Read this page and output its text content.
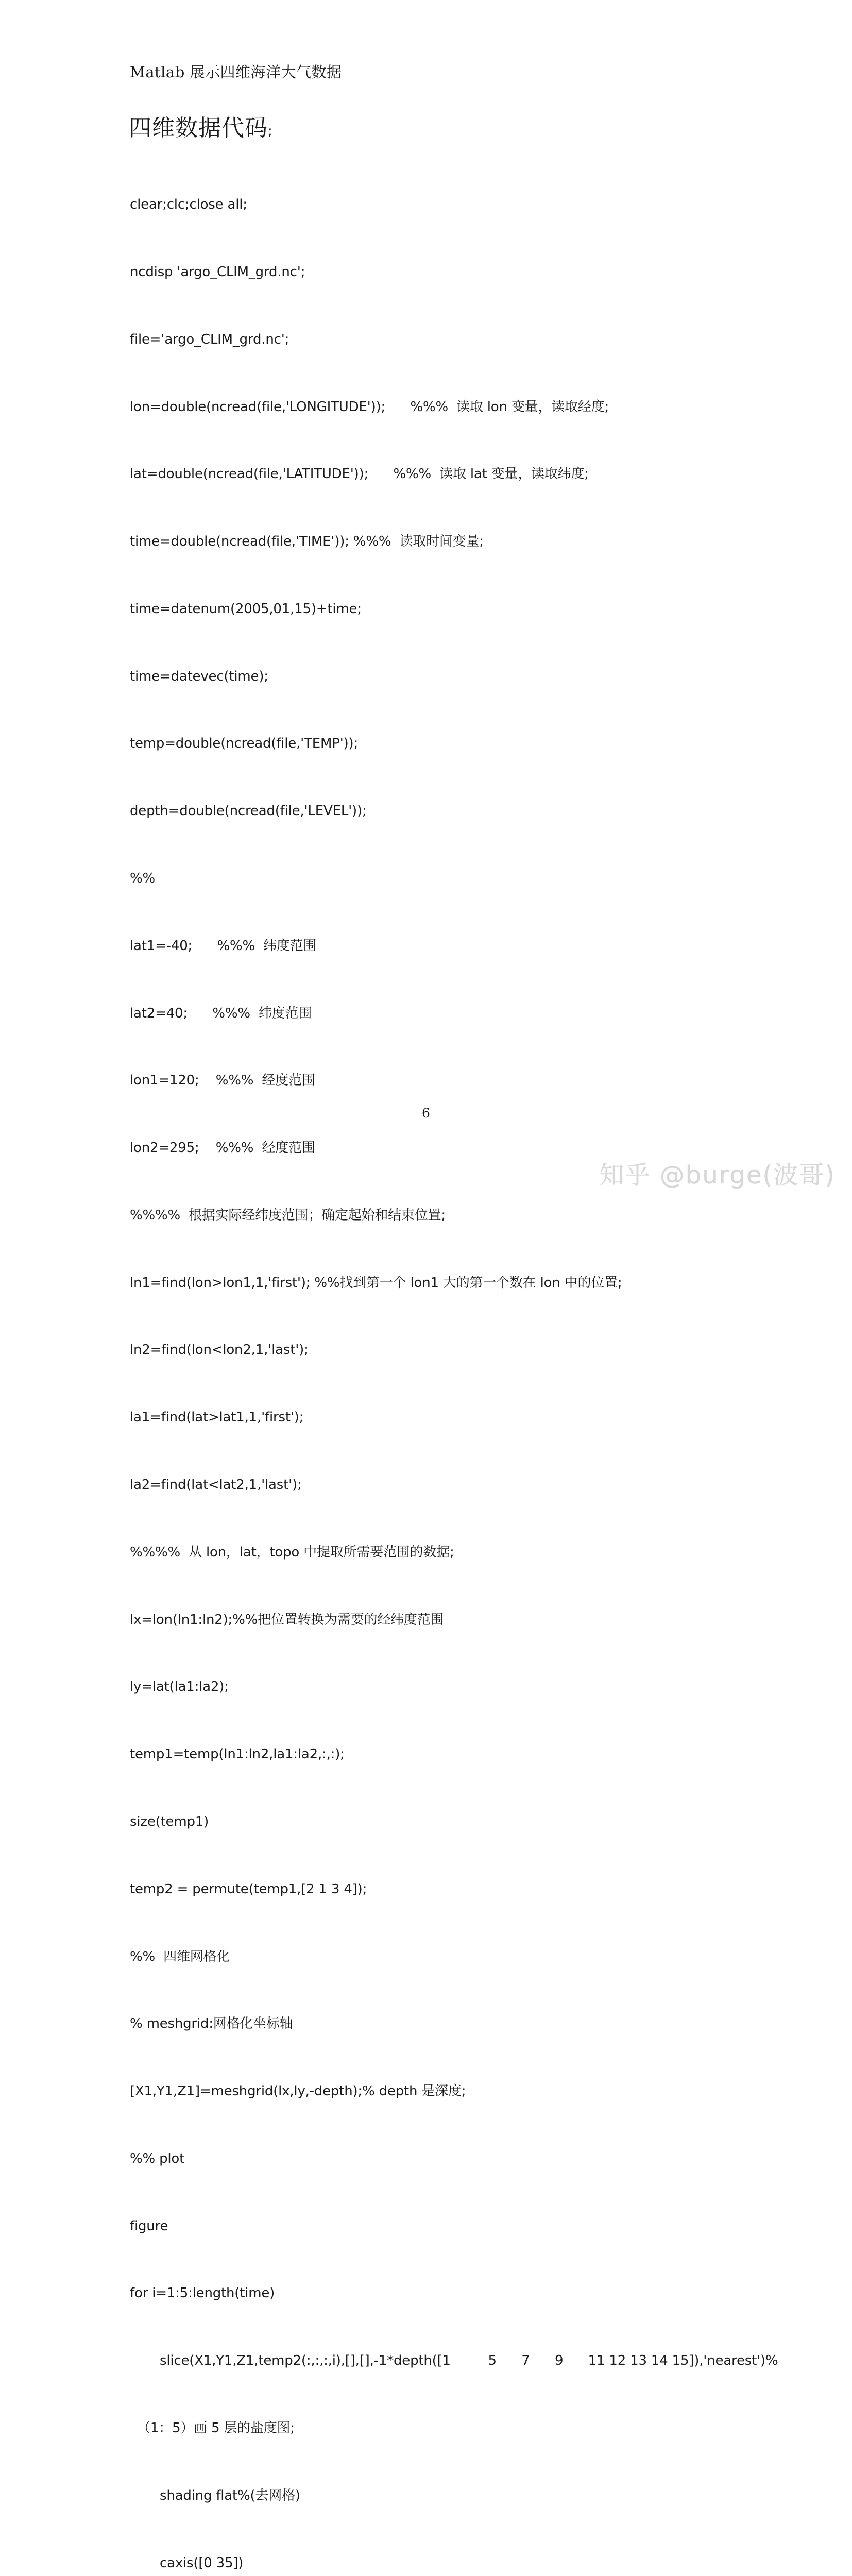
Matlab 展示四维海洋大气数据
四维数据代码;

clear;clc;close all;

ncdisp 'argo_CLIM_grd.nc';

file='argo_CLIM_grd.nc';

lon=double(ncread(file,'LONGITUDE'));      %%%  读取 lon 变量，读取经度;

lat=double(ncread(file,'LATITUDE'));      %%%  读取 lat 变量，读取纬度;

time=double(ncread(file,'TIME')); %%%  读取时间变量;

time=datenum(2005,01,15)+time;

time=datevec(time);

temp=double(ncread(file,'TEMP'));

depth=double(ncread(file,'LEVEL'));

%%

lat1=-40;      %%%  纬度范围

lat2=40;      %%%  纬度范围

lon1=120;    %%%  经度范围

lon2=295;    %%%  经度范围

%%%%  根据实际经纬度范围；确定起始和结束位置;

ln1=find(lon>lon1,1,'first'); %%找到第一个 lon1 大的第一个数在 lon 中的位置;

ln2=find(lon<lon2,1,'last');

la1=find(lat>lat1,1,'first');

la2=find(lat<lat2,1,'last');

%%%%  从 lon，lat，topo 中提取所需要范围的数据;

lx=lon(ln1:ln2);%%把位置转换为需要的经纬度范围

ly=lat(la1:la2);

temp1=temp(ln1:ln2,la1:la2,:,:);

size(temp1)

temp2 = permute(temp1,[2 1 3 4]);

%%  四维网格化

% meshgrid:网格化坐标轴

[X1,Y1,Z1]=meshgrid(lx,ly,-depth);% depth 是深度;

%% plot

figure

for i=1:5:length(time)

slice(X1,Y1,Z1,temp2(:,:,:,i),[],[],-1*depth([1         5      7      9      11 12 13 14 15]),'nearest')%

（1：5）画 5 层的盐度图;

shading flat%(去网格)

caxis([0 35])

6
知乎 @burge(波哥)
